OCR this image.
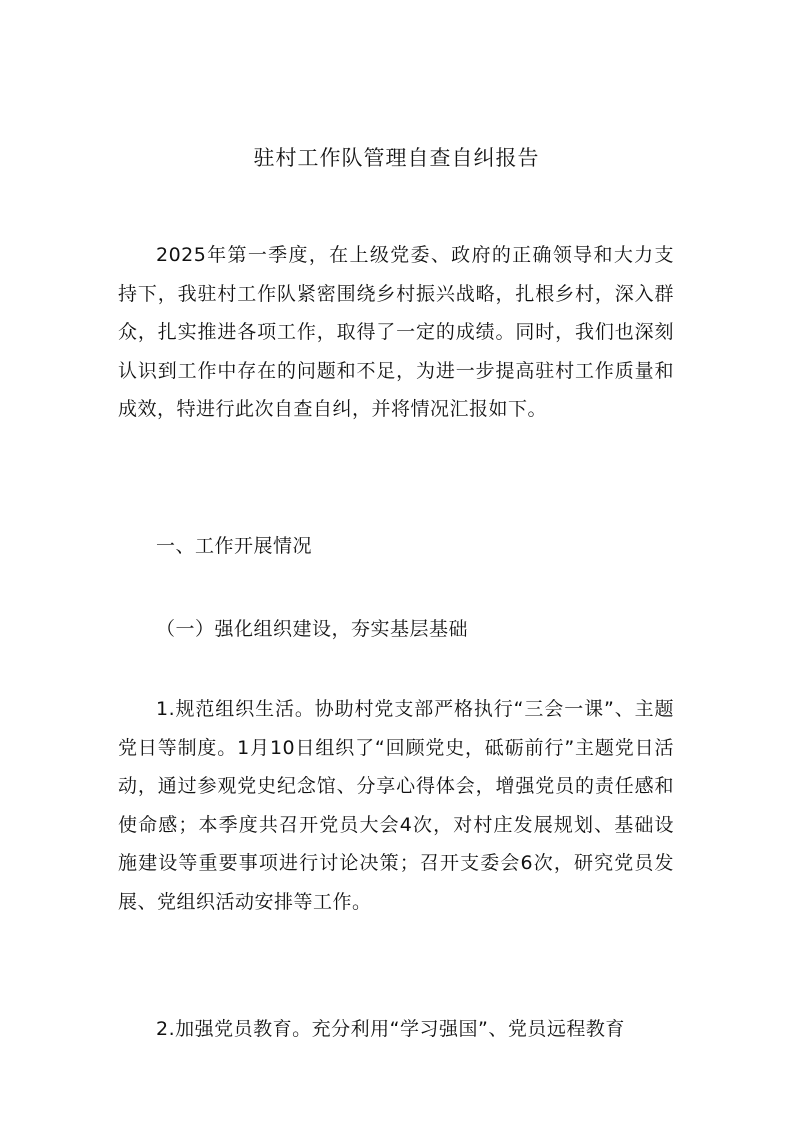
驻村工作队管理自查自纠报告

2025年第一季度，在上级党委、政府的正确领导和大力支持下，我驻村工作队紧密围绕乡村振兴战略，扎根乡村，深入群众，扎实推进各项工作，取得了一定的成绩。同时，我们也深刻认识到工作中存在的问题和不足，为进一步提高驻村工作质量和成效，特进行此次自查自纠，并将情况汇报如下。

一、工作开展情况

（一）强化组织建设，夯实基层基础

1.规范组织生活。协助村党支部严格执行“三会一课”、主题党日等制度。1月10日组织了“回顾党史，砥砺前行”主题党日活动，通过参观党史纪念馆、分享心得体会，增强党员的责任感和使命感；本季度共召开党员大会4次，对村庄发展规划、基础设施建设等重要事项进行讨论决策；召开支委会6次，研究党员发展、党组织活动安排等工作。

2.加强党员教育。充分利用“学习强国”、党员远程教育
